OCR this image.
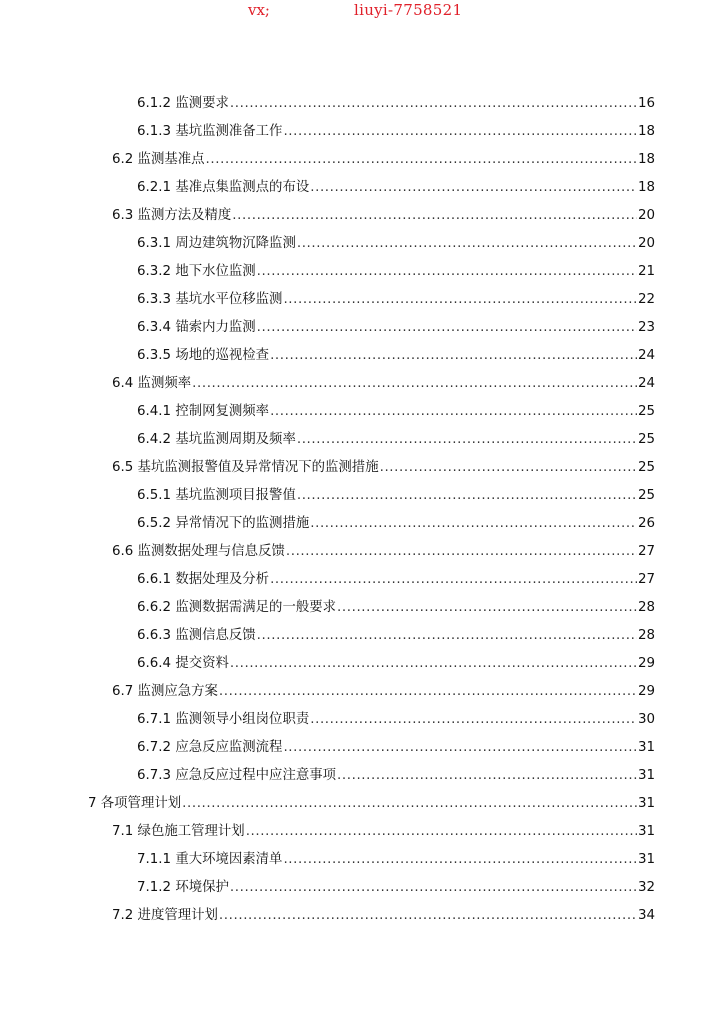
vx;	liuyi-7758521
6.1.2 监测要求 .....	16
6.1.3 基坑监测准备工作 .....	18
6.2 监测基准点 .....	18
6.2.1 基准点集监测点的布设 .....	18
6.3 监测方法及精度 .....	20
6.3.1 周边建筑物沉降监测 .....	20
6.3.2 地下水位监测 .....	21
6.3.3 基坑水平位移监测 .....	22
6.3.4 锚索内力监测 .....	23
6.3.5 场地的巡视检查 .....	24
6.4 监测频率 .....	24
6.4.1 控制网复测频率 .....	25
6.4.2 基坑监测周期及频率 .....	25
6.5 基坑监测报警值及异常情况下的监测措施 .....	25
6.5.1 基坑监测项目报警值 .....	25
6.5.2 异常情况下的监测措施 .....	26
6.6 监测数据处理与信息反馈 .....	27
6.6.1 数据处理及分析 .....	27
6.6.2 监测数据需满足的一般要求 .....	28
6.6.3 监测信息反馈 .....	28
6.6.4 提交资料 .....	29
6.7 监测应急方案 .....	29
6.7.1 监测领导小组岗位职责 .....	30
6.7.2 应急反应监测流程 .....	31
6.7.3 应急反应过程中应注意事项 .....	31
7 各项管理计划 .....	31
7.1 绿色施工管理计划 .....	31
7.1.1 重大环境因素清单 .....	31
7.1.2 环境保护 .....	32
7.2 进度管理计划 .....	34
